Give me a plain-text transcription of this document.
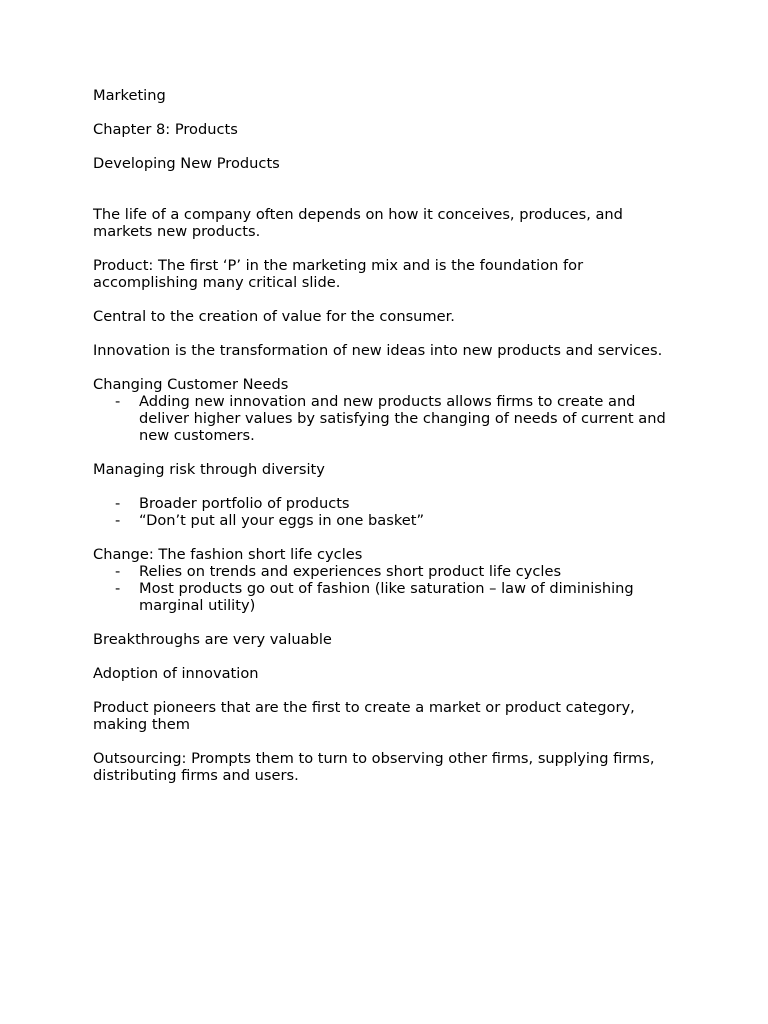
Marketing

Chapter 8: Products

Developing New Products

The life of a company often depends on how it conceives, produces, and markets new products.

Product: The first ‘P’ in the marketing mix and is the foundation for accomplishing many critical slide.

Central to the creation of value for the consumer.

Innovation is the transformation of new ideas into new products and services.

Changing Customer Needs

- Adding new innovation and new products allows firms to create and deliver higher values by satisfying the changing of needs of current and new customers.

Managing risk through diversity

- Broader portfolio of products
- “Don’t put all your eggs in one basket”

Change: The fashion short life cycles

- Relies on trends and experiences short product life cycles
- Most products go out of fashion (like saturation – law of diminishing marginal utility)

Breakthroughs are very valuable

Adoption of innovation

Product pioneers that are the first to create a market or product category, making them

Outsourcing: Prompts them to turn to observing other firms, supplying firms, distributing firms and users.
